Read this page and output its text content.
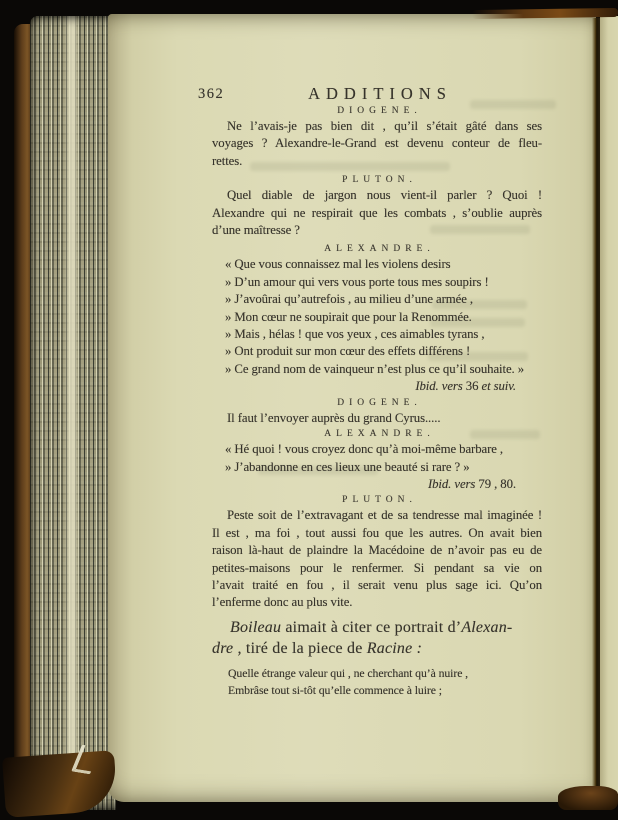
362	ADDITIONS
DIOGENE.
Ne l’avais-je pas bien dit , qu’il s’était gâté dans ses
voyages ? Alexandre-le-Grand est devenu conteur de fleu-
rettes.
PLUTON.
Quel diable de jargon nous vient-il parler ? Quoi !
Alexandre qui ne respirait que les combats , s’oublie auprès
d’une maîtresse ?
ALEXANDRE.
« Que vous connaissez mal les violens desirs
» D’un amour qui vers vous porte tous mes soupirs !
» J’avoûrai qu’autrefois , au milieu d’une armée ,
» Mon cœur ne soupirait que pour la Renommée.
» Mais , hélas ! que vos yeux , ces aimables tyrans ,
» Ont produit sur mon cœur des effets différens !
» Ce grand nom de vainqueur n’est plus ce qu’il souhaite. »
Ibid. vers 36 et suiv.
DIOGENE.
Il faut l’envoyer auprès du grand Cyrus.....
ALEXANDRE.
« Hé quoi ! vous croyez donc qu’à moi-même barbare ,
» J’abandonne en ces lieux une beauté si rare ? »
Ibid. vers 79 , 80.
PLUTON.
Peste soit de l’extravagant et de sa tendresse mal imaginée !
Il est , ma foi , tout aussi fou que les autres. On avait bien
raison là-haut de plaindre la Macédoine de n’avoir pas eu de
petites-maisons pour le renfermer. Si pendant sa vie on
l’avait traité en fou , il serait venu plus sage ici. Qu’on
l’enferme donc au plus vite.
Boileau aimait à citer ce portrait d’Alexan-
dre , tiré de la piece de Racine :
Quelle étrange valeur qui , ne cherchant qu’à nuire ,
Embrâse tout si-tôt qu’elle commence à luire ;
